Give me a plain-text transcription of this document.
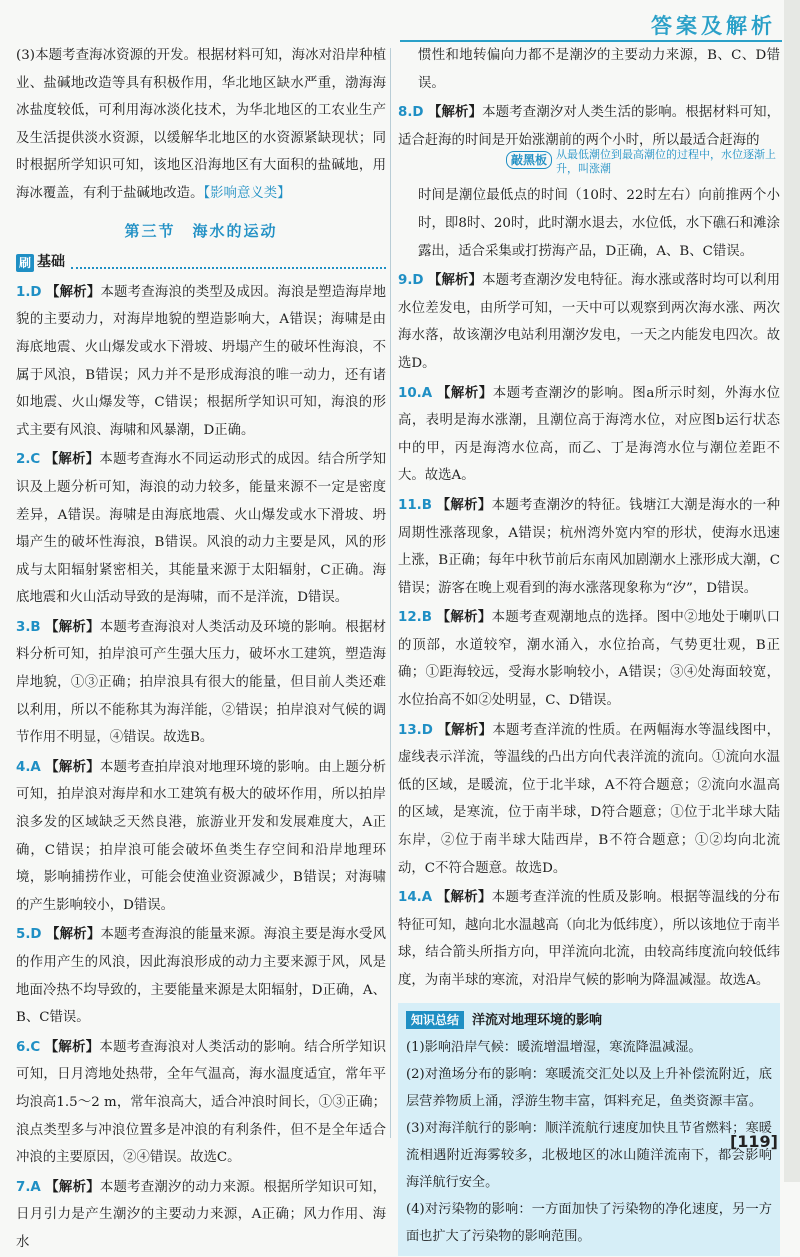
答案及解析

(3)本题考查海冰资源的开发。根据材料可知，海冰对沿岸种植业、盐碱地改造等具有积极作用，华北地区缺水严重，渤海海冰盐度较低，可利用海冰淡化技术，为华北地区的工农业生产及生活提供淡水资源，以缓解华北地区的水资源紧缺现状；同时根据所学知识可知，该地区沿海地区有大面积的盐碱地，用海冰覆盖，有利于盐碱地改造。【影响意义类】

第三节　海水的运动
刷 基础

1.D 【解析】本题考查海浪的类型及成因。海浪是塑造海岸地貌的主要动力，对海岸地貌的塑造影响大，A错误；海啸是由海底地震、火山爆发或水下滑坡、坍塌产生的破坏性海浪，不属于风浪，B错误；风力并不是形成海浪的唯一动力，还有诸如地震、火山爆发等，C错误；根据所学知识可知，海浪的形式主要有风浪、海啸和风暴潮，D正确。

2.C 【解析】本题考查海水不同运动形式的成因。结合所学知识及上题分析可知，海浪的动力较多，能量来源不一定是密度差异，A错误。海啸是由海底地震、火山爆发或水下滑坡、坍塌产生的破坏性海浪，B错误。风浪的动力主要是风，风的形成与太阳辐射紧密相关，其能量来源于太阳辐射，C正确。海底地震和火山活动导致的是海啸，而不是洋流，D错误。

3.B 【解析】本题考查海浪对人类活动及环境的影响。根据材料分析可知，拍岸浪可产生强大压力，破坏水工建筑，塑造海岸地貌，①③正确；拍岸浪具有很大的能量，但目前人类还难以利用，所以不能称其为海洋能，②错误；拍岸浪对气候的调节作用不明显，④错误。故选B。

4.A 【解析】本题考查拍岸浪对地理环境的影响。由上题分析可知，拍岸浪对海岸和水工建筑有极大的破坏作用，所以拍岸浪多发的区域缺乏天然良港，旅游业开发和发展难度大，A正确，C错误；拍岸浪可能会破坏鱼类生存空间和沿岸地理环境，影响捕捞作业，可能会使渔业资源减少，B错误；对海啸的产生影响较小，D错误。

5.D 【解析】本题考查海浪的能量来源。海浪主要是海水受风的作用产生的风浪，因此海浪形成的动力主要来源于风，风是地面冷热不均导致的，主要能量来源是太阳辐射，D正确，A、B、C错误。

6.C 【解析】本题考查海浪对人类活动的影响。结合所学知识可知，日月湾地处热带，全年气温高，海水温度适宜，常年平均浪高1.5～2 m，常年浪高大，适合冲浪时间长，①③正确；浪点类型多与冲浪位置多是冲浪的有利条件，但不是全年适合冲浪的主要原因，②④错误。故选C。

7.A 【解析】本题考查潮汐的动力来源。根据所学知识可知，日月引力是产生潮汐的主要动力来源，A正确；风力作用、海水

惯性和地转偏向力都不是潮汐的主要动力来源，B、C、D错误。

8.D 【解析】本题考查潮汐对人类生活的影响。根据材料可知，适合赶海的时间是开始涨潮前的两个小时，所以最适合赶海的

敲黑板 从最低潮位到最高潮位的过程中，水位逐渐上升，叫涨潮

时间是潮位最低点的时间（10时、22时左右）向前推两个小时，即8时、20时，此时潮水退去，水位低，水下礁石和滩涂露出，适合采集或打捞海产品，D正确，A、B、C错误。

9.D 【解析】本题考查潮汐发电特征。海水涨或落时均可以利用水位差发电，由所学可知，一天中可以观察到两次海水涨、两次海水落，故该潮汐电站利用潮汐发电，一天之内能发电四次。故选D。

10.A 【解析】本题考查潮汐的影响。图a所示时刻，外海水位高，表明是海水涨潮，且潮位高于海湾水位，对应图b运行状态中的甲，丙是海湾水位高，而乙、丁是海湾水位与潮位差距不大。故选A。

11.B 【解析】本题考查潮汐的特征。钱塘江大潮是海水的一种周期性涨落现象，A错误；杭州湾外宽内窄的形状，使海水迅速上涨，B正确；每年中秋节前后东南风加剧潮水上涨形成大潮，C错误；游客在晚上观看到的海水涨落现象称为“汐”，D错误。

12.B 【解析】本题考查观潮地点的选择。图中②地处于喇叭口的顶部，水道较窄，潮水涌入，水位抬高，气势更壮观，B正确；①距海较远，受海水影响较小，A错误；③④处海面较宽，水位抬高不如②处明显，C、D错误。

13.D 【解析】本题考查洋流的性质。在两幅海水等温线图中，虚线表示洋流，等温线的凸出方向代表洋流的流向。①流向水温低的区域，是暖流，位于北半球，A不符合题意；②流向水温高的区域，是寒流，位于南半球，D符合题意；①位于北半球大陆东岸，②位于南半球大陆西岸，B不符合题意；①②均向北流动，C不符合题意。故选D。

14.A 【解析】本题考查洋流的性质及影响。根据等温线的分布特征可知，越向北水温越高（向北为低纬度），所以该地位于南半球，结合箭头所指方向，甲洋流向北流，由较高纬度流向较低纬度，为南半球的寒流，对沿岸气候的影响为降温减湿。故选A。

知识总结	洋流对地理环境的影响

(1)影响沿岸气候：暖流增温增湿，寒流降温减湿。

(2)对渔场分布的影响：寒暖流交汇处以及上升补偿流附近，底层营养物质上涌，浮游生物丰富，饵料充足，鱼类资源丰富。

(3)对海洋航行的影响：顺洋流航行速度加快且节省燃料；寒暖流相遇附近海雾较多，北极地区的冰山随洋流南下，都会影响海洋航行安全。

(4)对污染物的影响：一方面加快了污染物的净化速度，另一方面也扩大了污染物的影响范围。

[119]
